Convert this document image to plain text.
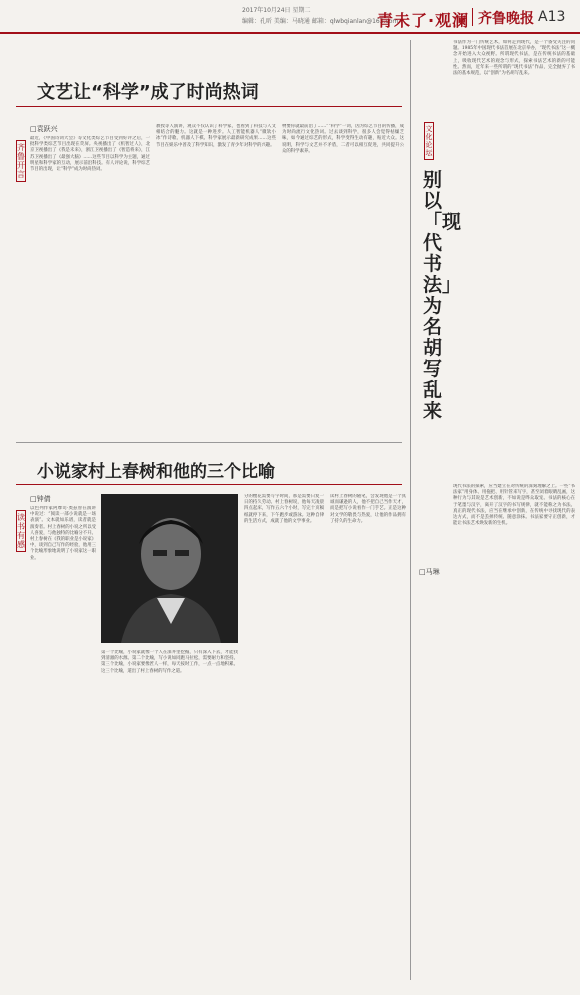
2017年10月24日 星期二
编辑：孔昕 美编：马晓通 邮箱：qlwbqianlan@163.com
青未了·观澜 齐鲁晚报 A13
文艺让“科学”成了时尚热词
齐鲁开言
□袁跃兴
最近，《中国诗词大会》等文化类综艺节目受到好评之后，一批科学类综艺节目出现在荧屏。央视播出了《机智过人》，北京卫视播出了《我是未来》，浙江卫视播出了《智造将来》，江苏卫视播出了《最强大脑》……这些节目以科学为主题，通过明星和科学家的互动，展示前沿科技。有人评论说，科学综艺节目的出现，让“科学”成为时尚热词。
教授等人演讲，观众不仅认识了科学家，也看到了科技与人文相结合的魅力。这就是一种进步。人工智能机器人“微软小冰”作诗歌、机器人下棋、科学家展示最新研究成果……这些节目在娱乐中普及了科学知识，激发了青少年对科学的兴趣。
物要你就最前沿了……”“科学”一词，因为综艺节目的传播，成为时尚流行文化热词。过去谈到科学，很多人会觉得枯燥乏味，如今通过综艺的形式，科学变得生动有趣，贴近大众。这说明，科学与文艺并不矛盾，二者可以相互促进，共同提升公众的科学素养。
小说家村上春树和他的三个比喻
读书有感
□钟倩
以色列作家阿摩司·奥兹曾在演讲中说过：“阅读一部小说就是一场表演”。文本就如乐谱，读者就是演奏者。村上春树的小说之所以受人喜爱，与他独特的比喻分不开。村上春树在《我的职业是小说家》中，谈到自己写作的经验，他用三个比喻形象地说明了小说家这一职业。
第一个比喻，小说家就像一个人在深井里挖掘，只有深入下去，才能找到清澈的水源。第二个比喻，写小说如同跑马拉松，需要耐力和坚持。第三个比喻，小说家要像匠人一样，每天按时工作，一点一点地积累。这三个比喻，道出了村上春树的写作之道。
分的樱花需要写字时间，那是需要日复一日的持久劳动。村上春树说，他每天凌晨四点起床，写作五六个小时，写完十页稿纸就停下来，下午跑步或游泳。这种自律的生活方式，成就了他的文学事业。
读村上春树的随笔，会发现他是一个真诚而谦逊的人，他不把自己当作天才，而是把写小说看作一门手艺。正是这种对文学的敬畏与热爱，让他的作品拥有了持久的生命力。
文化论坛
别以「现代书法」为名胡写乱来
□马琳
书法作为一门传统艺术，如何走到现代，是一个备受关注的问题。1985年中国现代书法首展在北京举办，“现代书法”这一概念开始进入大众视野。所谓现代书法，是在传统书法的基础上，吸收现代艺术的观念与形式，探索书法艺术的新的可能性。然而，近年来一些所谓的“现代书法”作品，完全抛弃了书法的基本规范，以“创新”为名胡写乱来。
现代书法的探索，应当建立在对传统的深刻理解之上。一些“书法家”用身体、用拖把、用针管来写字，甚至闭着眼睛乱画，这种行为与其说是艺术创新，不如说是哗众取宠。书法的核心在于笔墨与汉字，离开了汉字的书写规律，就不能称之为书法。真正的现代书法，应当在继承中创新，在传统中寻找现代的表达方式，而不是丢掉传统、随意涂抹。书法家要守正创新，才能让书法艺术焕发新的生机。
